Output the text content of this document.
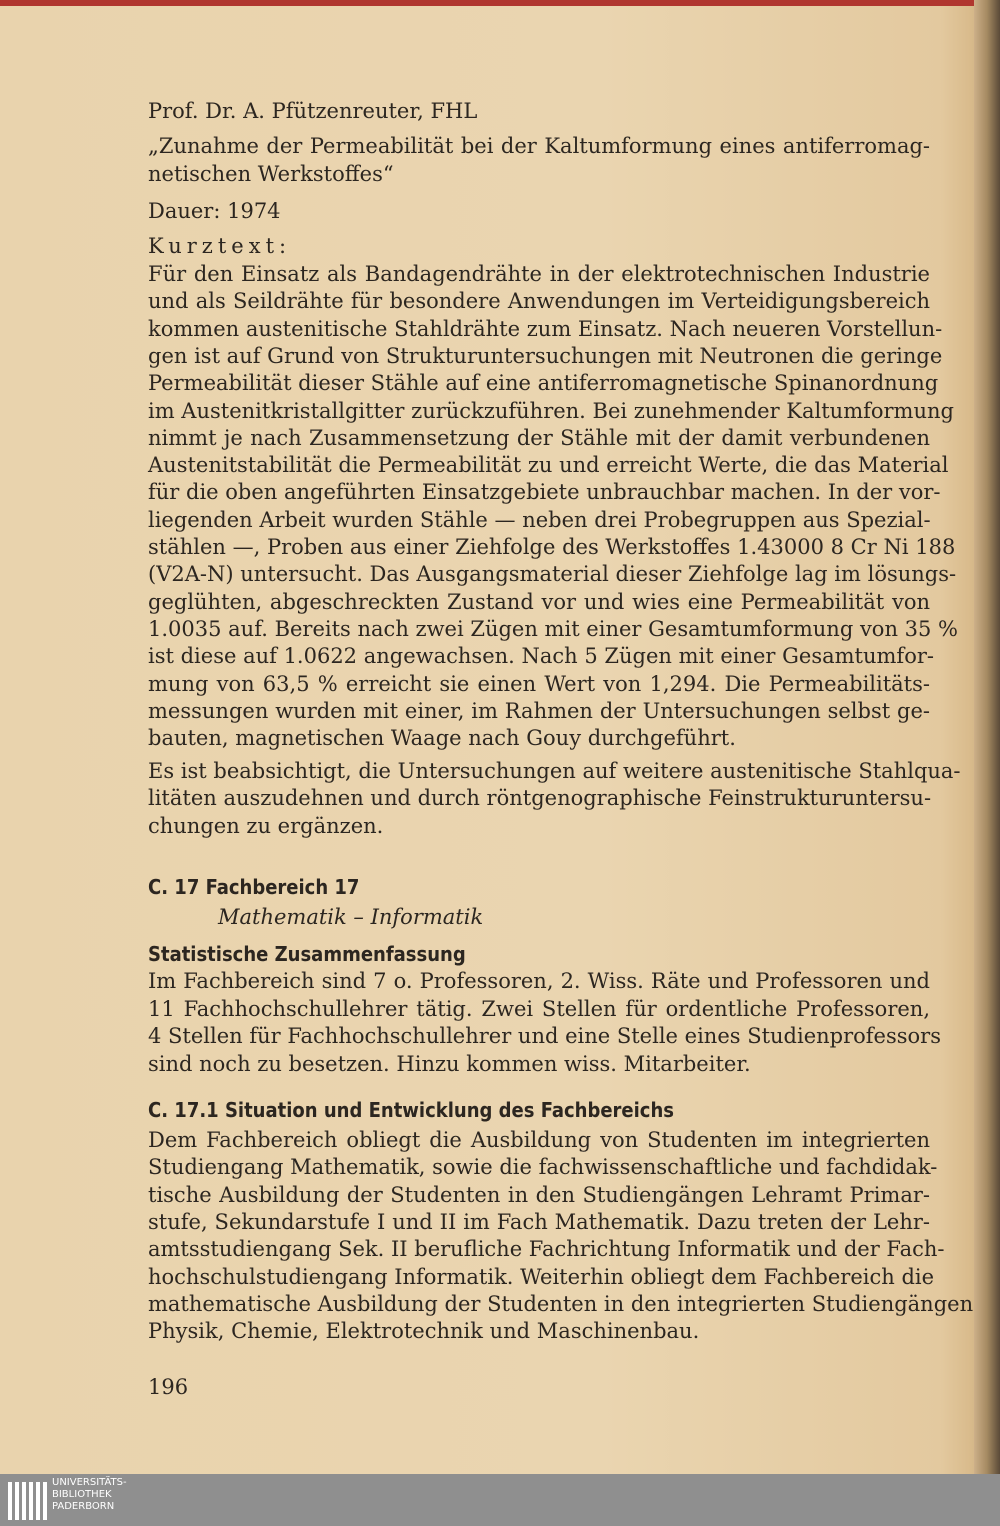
Prof. Dr. A. Pfützenreuter, FHL
„Zunahme der Permeabilität bei der Kaltumformung eines antiferromag-
netischen Werkstoffes“
Dauer: 1974
Kurztext:
Für den Einsatz als Bandagendrähte in der elektrotechnischen Industrie
und als Seildrähte für besondere Anwendungen im Verteidigungsbereich
kommen austenitische Stahldrähte zum Einsatz. Nach neueren Vorstellun-
gen ist auf Grund von Strukturuntersuchungen mit Neutronen die geringe
Permeabilität dieser Stähle auf eine antiferromagnetische Spinanordnung
im Austenitkristallgitter zurückzuführen. Bei zunehmender Kaltumformung
nimmt je nach Zusammensetzung der Stähle mit der damit verbundenen
Austenitstabilität die Permeabilität zu und erreicht Werte, die das Material
für die oben angeführten Einsatzgebiete unbrauchbar machen. In der vor-
liegenden Arbeit wurden Stähle — neben drei Probegruppen aus Spezial-
stählen —, Proben aus einer Ziehfolge des Werkstoffes 1.43000 8 Cr Ni 188
(V2A-N) untersucht. Das Ausgangsmaterial dieser Ziehfolge lag im lösungs-
geglühten, abgeschreckten Zustand vor und wies eine Permeabilität von
1.0035 auf. Bereits nach zwei Zügen mit einer Gesamtumformung von 35 %
ist diese auf 1.0622 angewachsen. Nach 5 Zügen mit einer Gesamtumfor-
mung von 63,5 % erreicht sie einen Wert von 1,294. Die Permeabilitäts-
messungen wurden mit einer, im Rahmen der Untersuchungen selbst ge-
bauten, magnetischen Waage nach Gouy durchgeführt.
Es ist beabsichtigt, die Untersuchungen auf weitere austenitische Stahlqua-
litäten auszudehnen und durch röntgenographische Feinstrukturuntersu-
chungen zu ergänzen.
C. 17 Fachbereich 17
Mathematik – Informatik
Statistische Zusammenfassung
Im Fachbereich sind 7 o. Professoren, 2. Wiss. Räte und Professoren und
11 Fachhochschullehrer tätig. Zwei Stellen für ordentliche Professoren,
4 Stellen für Fachhochschullehrer und eine Stelle eines Studienprofessors
sind noch zu besetzen. Hinzu kommen wiss. Mitarbeiter.
C. 17.1 Situation und Entwicklung des Fachbereichs
Dem Fachbereich obliegt die Ausbildung von Studenten im integrierten
Studiengang Mathematik, sowie die fachwissenschaftliche und fachdidak-
tische Ausbildung der Studenten in den Studiengängen Lehramt Primar-
stufe, Sekundarstufe I und II im Fach Mathematik. Dazu treten der Lehr-
amtsstudiengang Sek. II berufliche Fachrichtung Informatik und der Fach-
hochschulstudiengang Informatik. Weiterhin obliegt dem Fachbereich die
mathematische Ausbildung der Studenten in den integrierten Studiengängen
Physik, Chemie, Elektrotechnik und Maschinenbau.
196
UNIVERSITÄTS-
BIBLIOTHEK
PADERBORN
